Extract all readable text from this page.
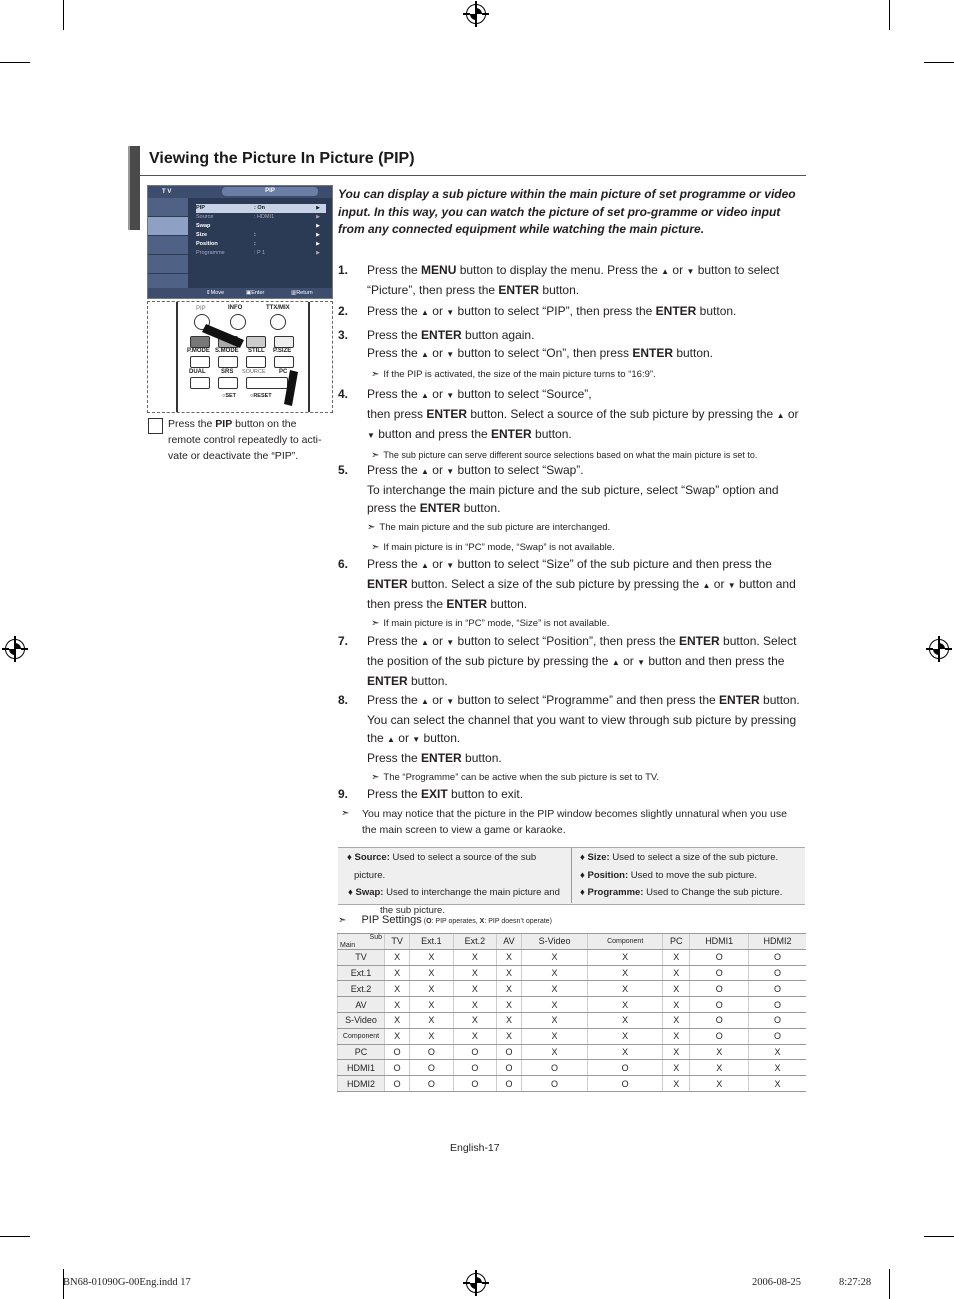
Viewing the Picture In Picture (PIP)
T V	PIP
PIP	: On	▶
Source	: HDMI1	▶
Swap	▶
Size	:	▶
Position	:	▶
Programme	: P 1	▶
⇕Move	▣Enter	▥Return
PIP	INFO	TTX/MIX
P.MODE S.MODE STILL P.SIZE
DUAL	SRS SOURCE PC
○SET	○RESET
Press the PIP button on the remote control repeatedly to acti-vate or deactivate the “PIP”.
You can display a sub picture within the main picture of set programme or video input. In this way, you can watch the picture of set pro-gramme or video input from any connected equipment while watching the main picture.
1. Press the MENU button to display the menu. Press the ▲ or ▼ button to select “Picture”, then press the ENTER button.
2. Press the ▲ or ▼ button to select “PIP”, then press the ENTER button.
3. Press the ENTER button again.
Press the ▲ or ▼ button to select “On”, then press ENTER button.
➣ If the PIP is activated, the size of the main picture turns to “16:9”.
4. Press the ▲ or ▼ button to select “Source”,
then press ENTER button. Select a source of the sub picture by pressing the ▲ or ▼ button and press the ENTER button.
➣ The sub picture can serve different source selections based on what the main picture is set to.
5. Press the ▲ or ▼ button to select “Swap”.
To interchange the main picture and the sub picture, select “Swap” option and press the ENTER button.
➣ The main picture and the sub picture are interchanged.
➣ If main picture is in “PC” mode, “Swap” is not available.
6. Press the ▲ or ▼ button to select “Size” of the sub picture and then press the ENTER button. Select a size of the sub picture by pressing the ▲ or ▼ button and then press the ENTER button.
➣ If main picture is in “PC” mode, “Size” is not available.
7. Press the ▲ or ▼ button to select “Position”, then press the ENTER button. Select the position of the sub picture by pressing the ▲ or ▼ button and then press the ENTER button.
8. Press the ▲ or ▼ button to select “Programme” and then press the ENTER button. You can select the channel that you want to view through sub picture by pressing the ▲ or ▼ button.
Press the ENTER button.
➣ The “Programme” can be active when the sub picture is set to TV.
9. Press the EXIT button to exit.
➣ You may notice that the picture in the PIP window becomes slightly unnatural when you use the main screen to view a game or karaoke.
♦ Source: Used to select a source of the sub picture.
♦ Swap: Used to interchange the main picture and the sub picture.
♦ Size: Used to select a size of the sub picture.
♦ Position: Used to move the sub picture.
♦ Programme: Used to Change the sub picture.
➣ PIP Settings (O: PIP operates, X: PIP doesn’t operate)
Sub
Main	TV	Ext.1	Ext.2	AV	S-Video	Component	PC	HDMI1	HDMI2
TV	X	X	X	X	X	X	X	O	O
Ext.1	X	X	X	X	X	X	X	O	O
Ext.2	X	X	X	X	X	X	X	O	O
AV	X	X	X	X	X	X	X	O	O
S-Video	X	X	X	X	X	X	X	O	O
Component	X	X	X	X	X	X	X	O	O
PC	O	O	O	O	X	X	X	X	X
HDMI1	O	O	O	O	O	O	X	X	X
HDMI2	O	O	O	O	O	O	X	X	X
English-17
BN68-01090G-00Eng.indd 17	2006-08-25	8:27:28
